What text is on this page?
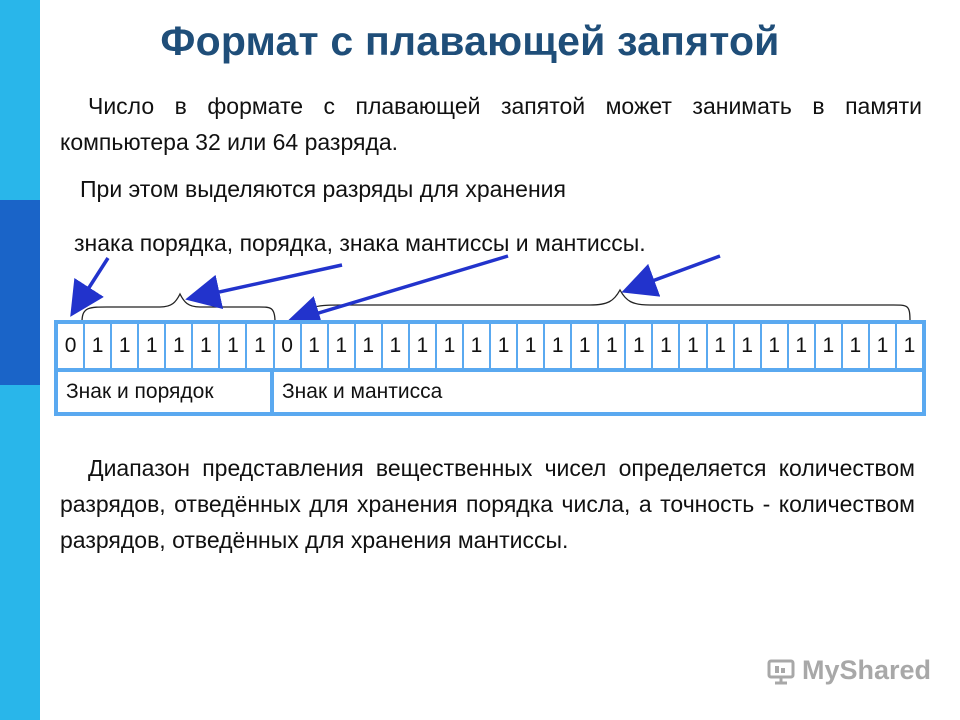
Формат с плавающей запятой
Число в формате с плавающей запятой может занимать в памяти компьютера 32 или 64 разряда.
При этом выделяются разряды для хранения
знака порядка, порядка, знака мантиссы и мантиссы.
0 1 1 1 1 1 1 1 0 1 1 1 1 1 1 1 1 1 1 1 1 1 1 1 1 1 1 1 1 1 1 1
Знак и порядок	Знак и мантисса
Диапазон представления вещественных чисел определяется количеством разрядов, отведённых для хранения порядка числа, а точность - количеством разрядов, отведённых для хранения мантиссы.
MyShared
